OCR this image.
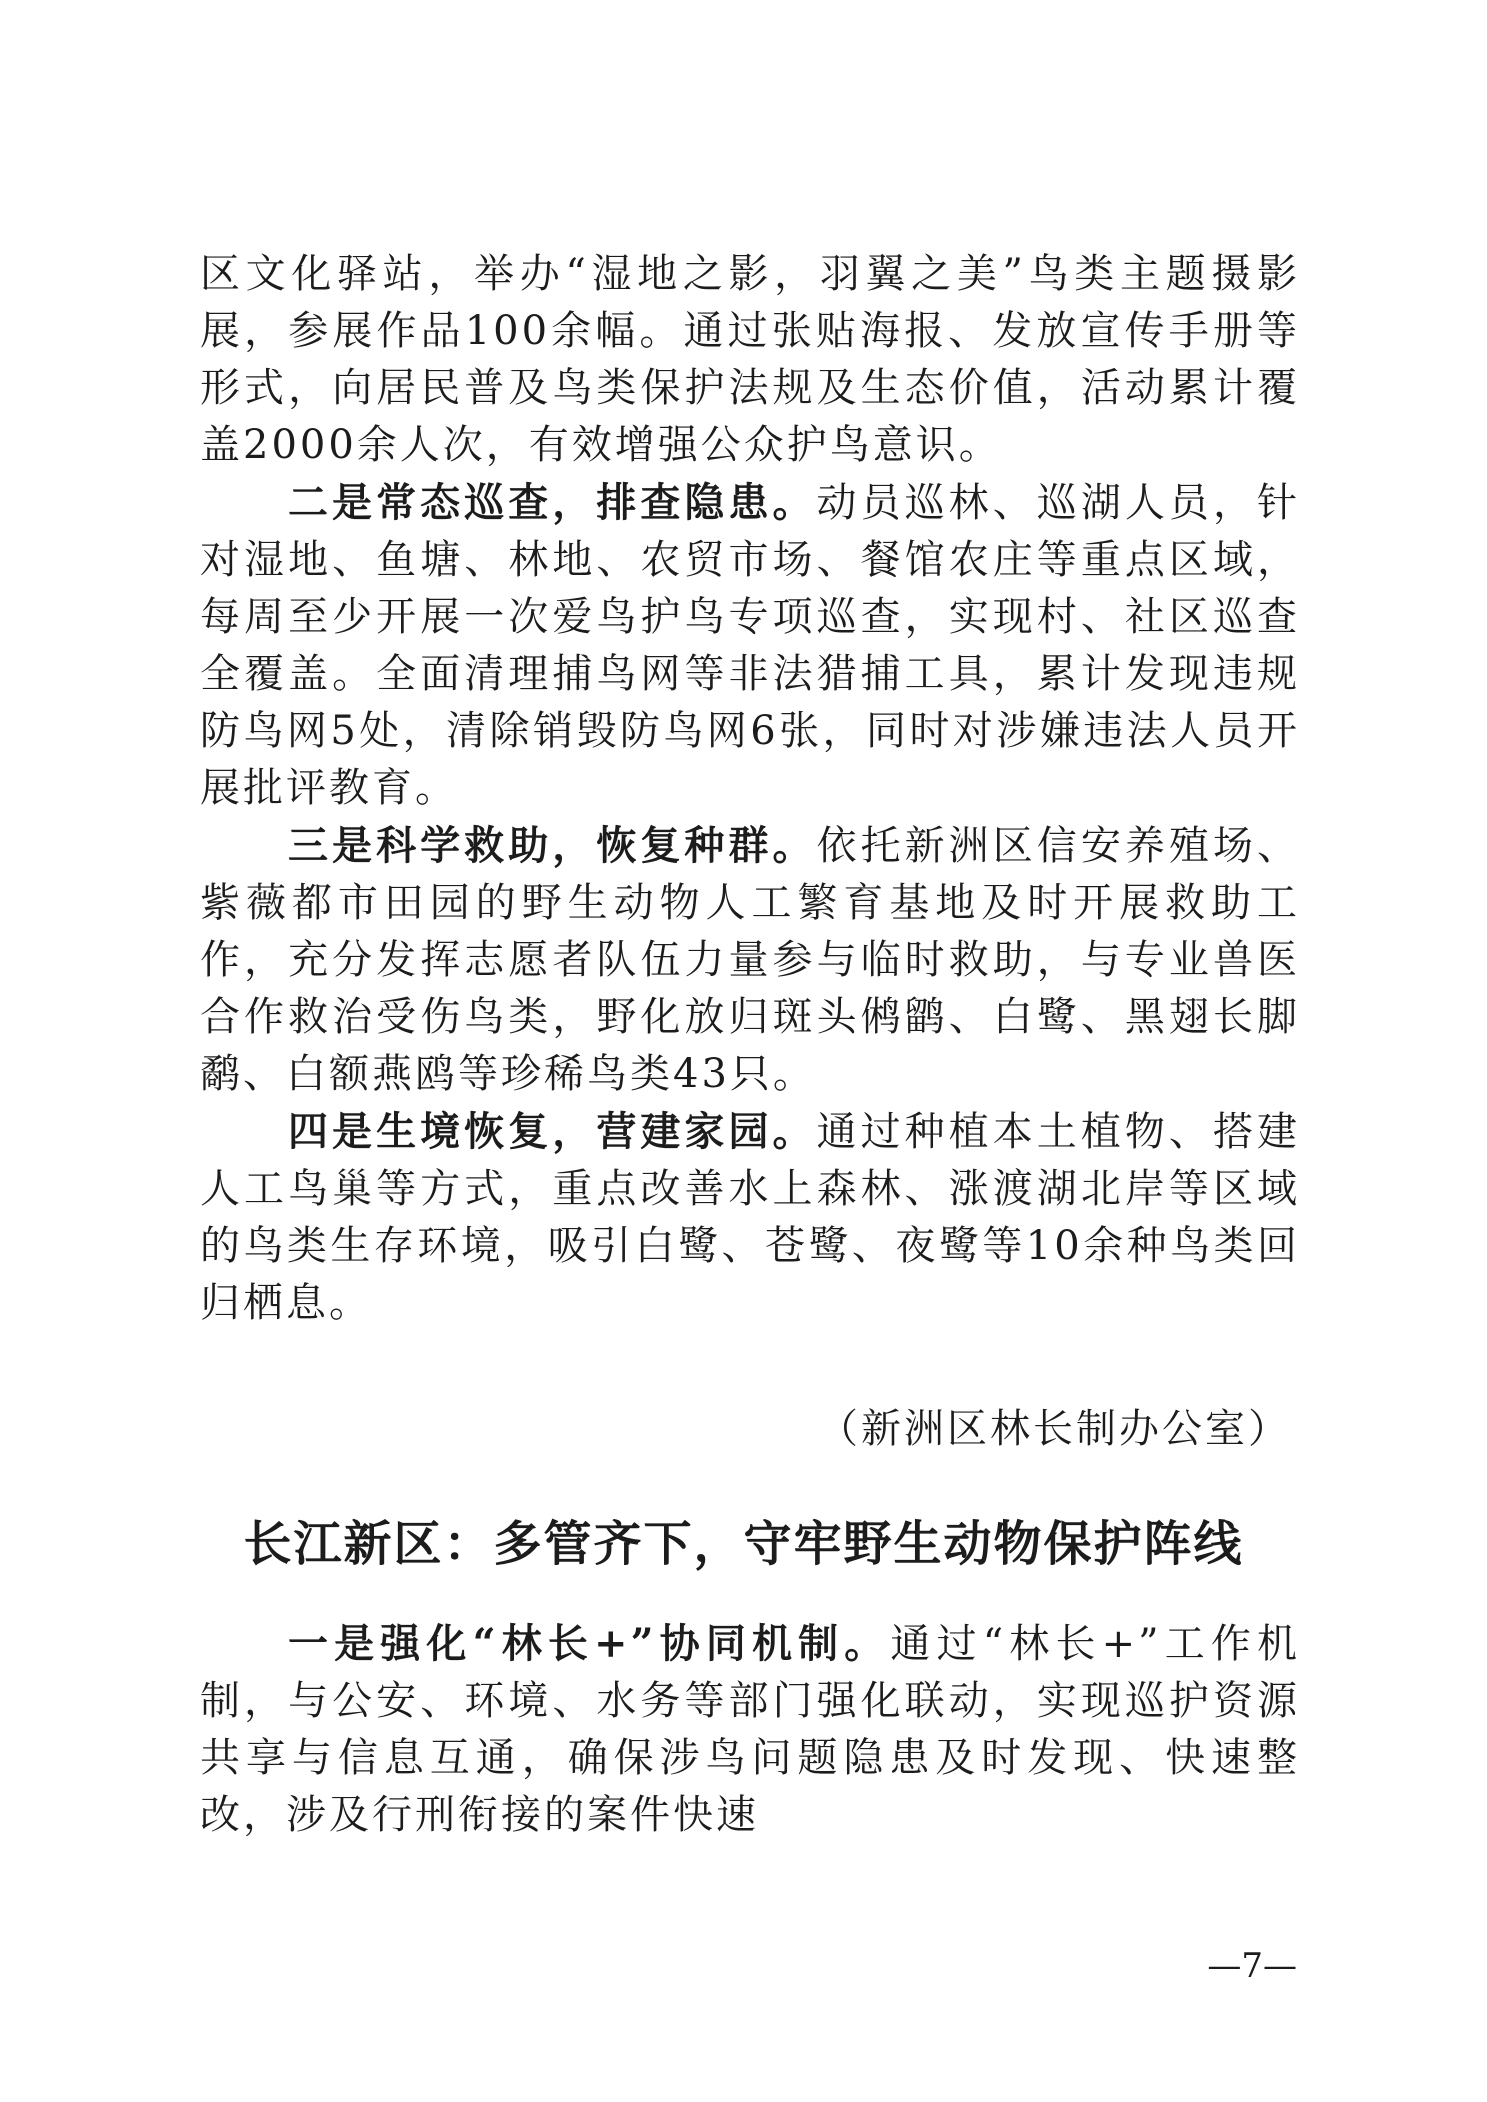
区文化驿站，举办“湿地之影，羽翼之美”鸟类主题摄影展，参展作品100余幅。通过张贴海报、发放宣传手册等形式，向居民普及鸟类保护法规及生态价值，活动累计覆盖2000余人次，有效增强公众护鸟意识。

二是常态巡查，排查隐患。动员巡林、巡湖人员，针对湿地、鱼塘、林地、农贸市场、餐馆农庄等重点区域，每周至少开展一次爱鸟护鸟专项巡查，实现村、社区巡查全覆盖。全面清理捕鸟网等非法猎捕工具，累计发现违规防鸟网5处，清除销毁防鸟网6张，同时对涉嫌违法人员开展批评教育。

三是科学救助，恢复种群。依托新洲区信安养殖场、紫薇都市田园的野生动物人工繁育基地及时开展救助工作，充分发挥志愿者队伍力量参与临时救助，与专业兽医合作救治受伤鸟类，野化放归斑头鸺鹠、白鹭、黑翅长脚鹬、白额燕鸥等珍稀鸟类43只。

四是生境恢复，营建家园。通过种植本土植物、搭建人工鸟巢等方式，重点改善水上森林、涨渡湖北岸等区域的鸟类生存环境，吸引白鹭、苍鹭、夜鹭等10余种鸟类回归栖息。

（新洲区林长制办公室）

长江新区：多管齐下，守牢野生动物保护阵线

一是强化“林长+”协同机制。通过“林长+”工作机制，与公安、环境、水务等部门强化联动，实现巡护资源共享与信息互通，确保涉鸟问题隐患及时发现、快速整改，涉及行刑衔接的案件快速

—7—
